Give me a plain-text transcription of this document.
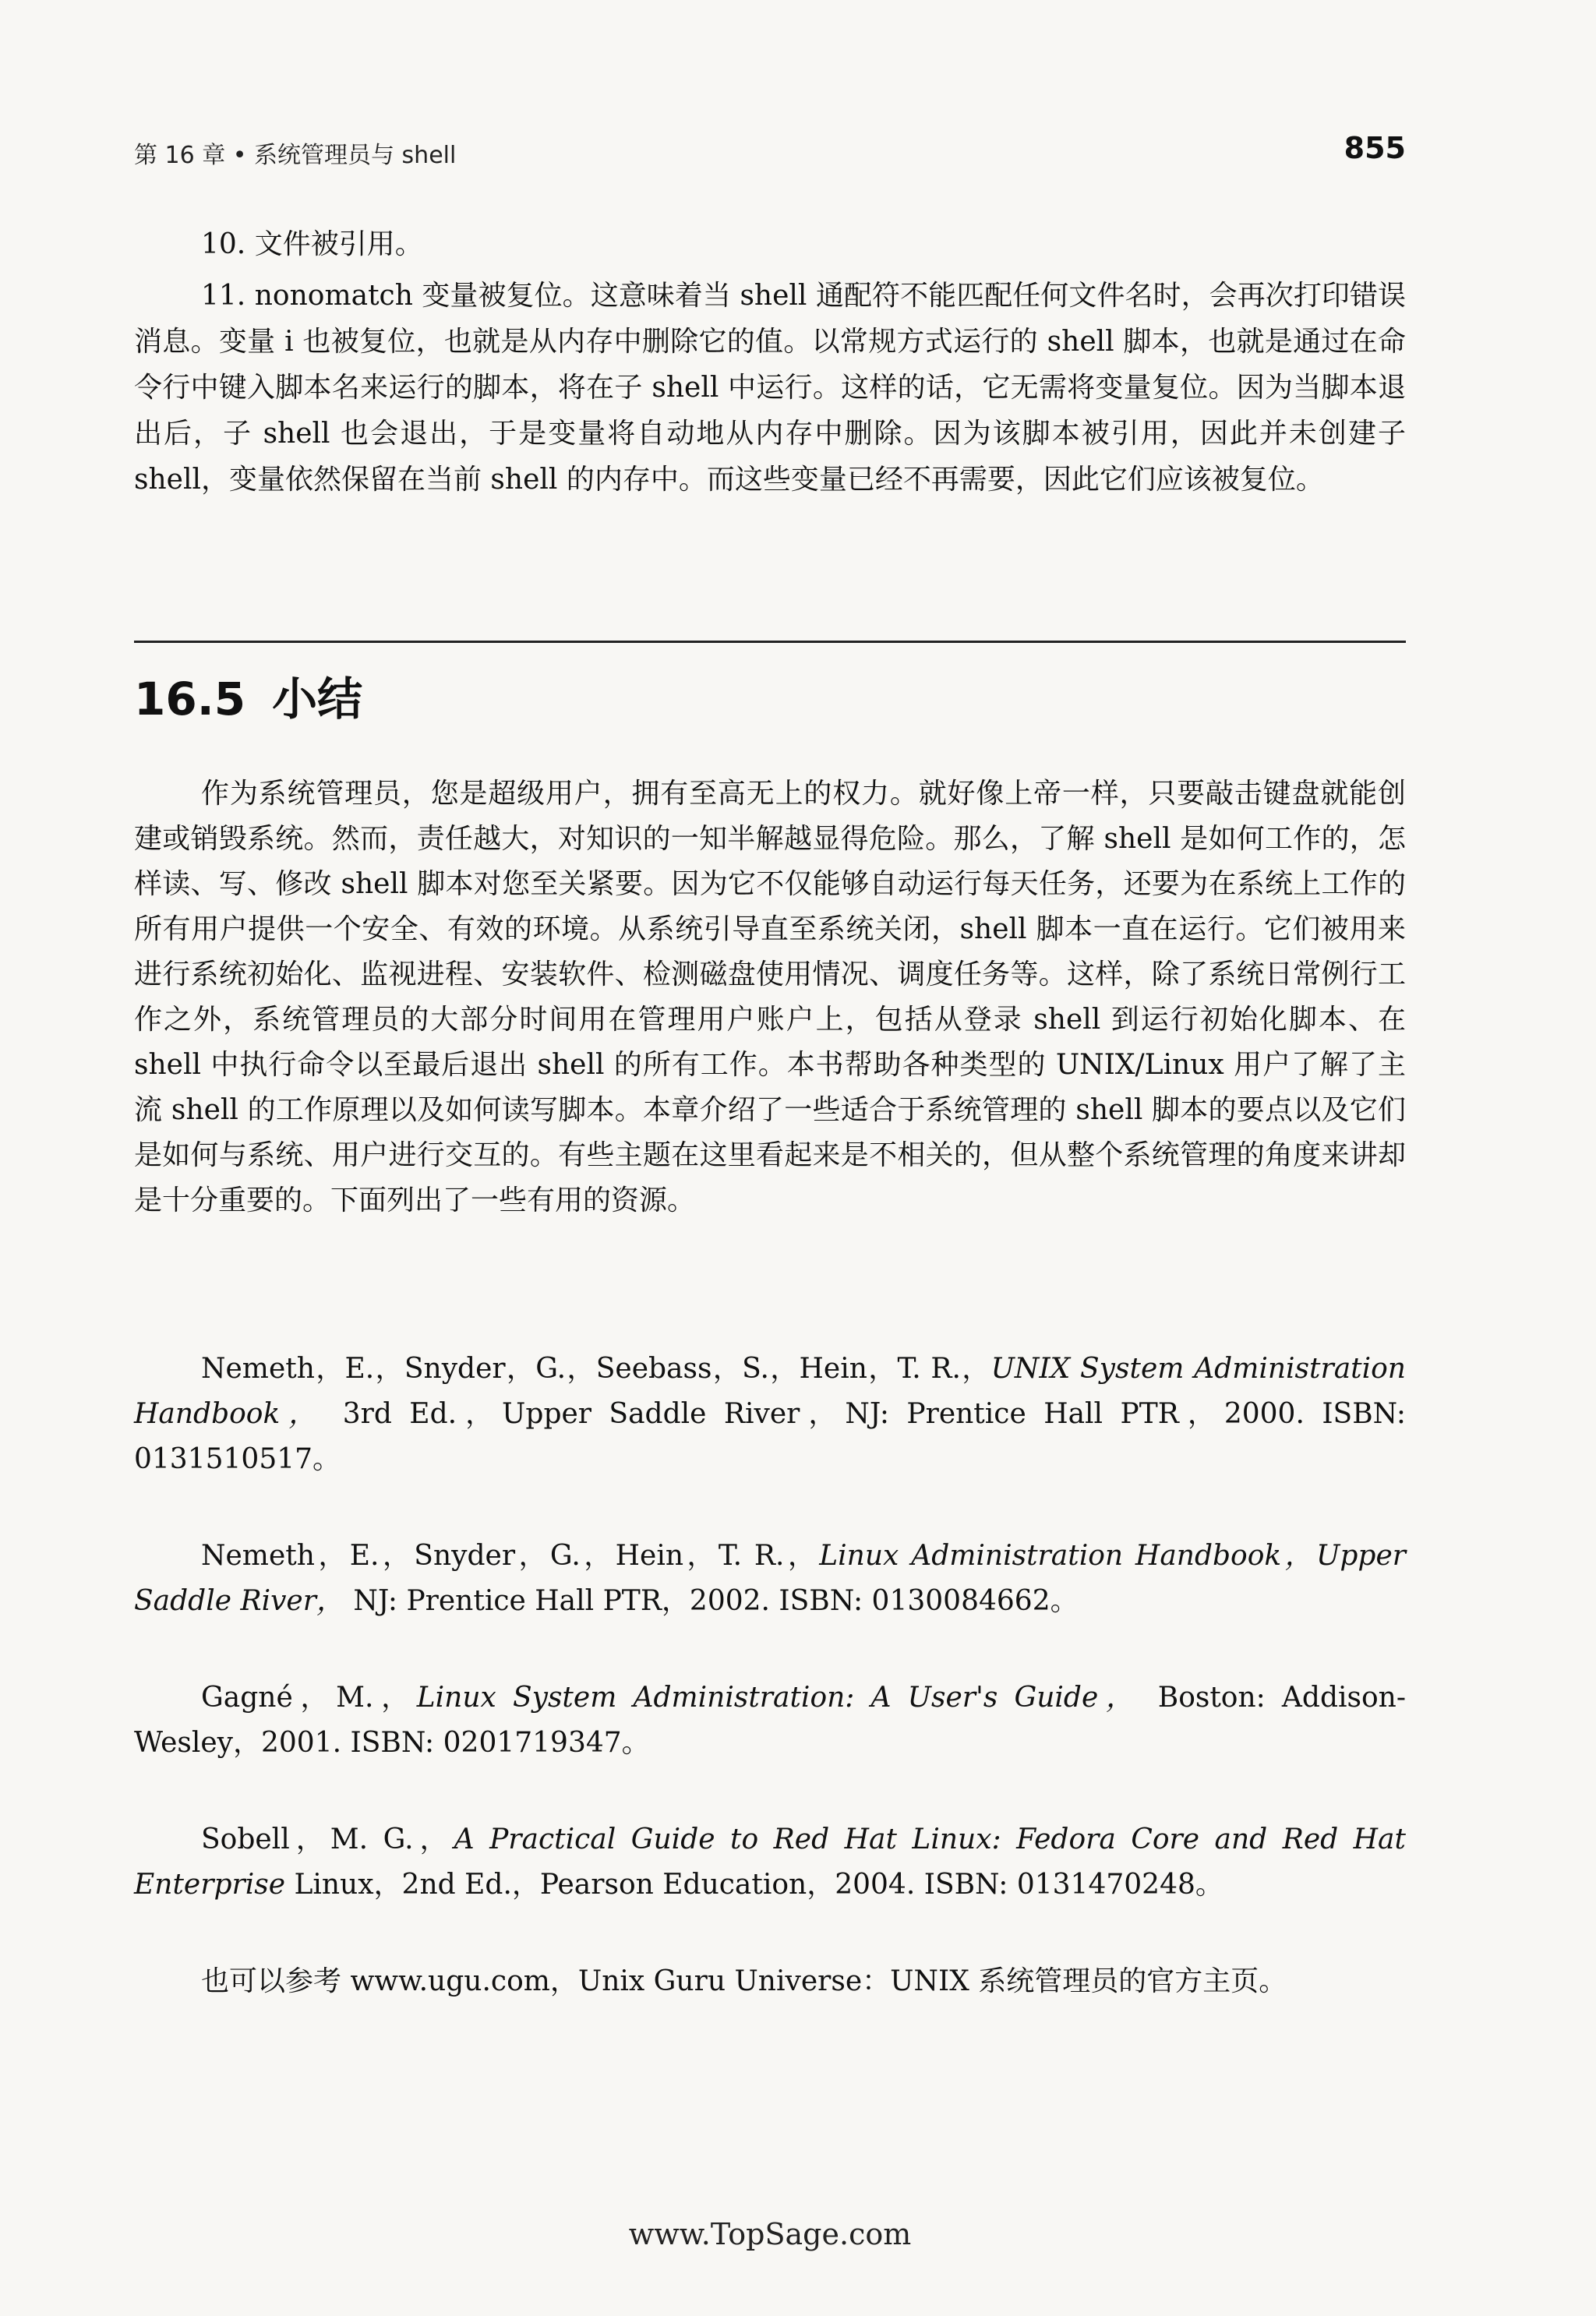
第 16 章 • 系统管理员与 shell	855
10. 文件被引用。
11. nonomatch 变量被复位。这意味着当 shell 通配符不能匹配任何文件名时，会再次打印错误消息。变量 i 也被复位，也就是从内存中删除它的值。以常规方式运行的 shell 脚本，也就是通过在命令行中键入脚本名来运行的脚本，将在子 shell 中运行。这样的话，它无需将变量复位。因为当脚本退出后，子 shell 也会退出，于是变量将自动地从内存中删除。因为该脚本被引用，因此并未创建子 shell，变量依然保留在当前 shell 的内存中。而这些变量已经不再需要，因此它们应该被复位。
16.5 小结
作为系统管理员，您是超级用户，拥有至高无上的权力。就好像上帝一样，只要敲击键盘就能创建或销毁系统。然而，责任越大，对知识的一知半解越显得危险。那么，了解 shell 是如何工作的，怎样读、写、修改 shell 脚本对您至关紧要。因为它不仅能够自动运行每天任务，还要为在系统上工作的所有用户提供一个安全、有效的环境。从系统引导直至系统关闭，shell 脚本一直在运行。它们被用来进行系统初始化、监视进程、安装软件、检测磁盘使用情况、调度任务等。这样，除了系统日常例行工作之外，系统管理员的大部分时间用在管理用户账户上，包括从登录 shell 到运行初始化脚本、在 shell 中执行命令以至最后退出 shell 的所有工作。本书帮助各种类型的 UNIX/Linux 用户了解了主流 shell 的工作原理以及如何读写脚本。本章介绍了一些适合于系统管理的 shell 脚本的要点以及它们是如何与系统、用户进行交互的。有些主题在这里看起来是不相关的，但从整个系统管理的角度来讲却是十分重要的。下面列出了一些有用的资源。

Nemeth，E.，Snyder，G.，Seebass，S.，Hein，T. R.，UNIX System Administration Handbook， 3rd Ed.，Upper Saddle River，NJ: Prentice Hall PTR，2000. ISBN: 0131510517。

Nemeth，E.，Snyder，G.，Hein，T. R.，Linux Administration Handbook，Upper Saddle River， NJ: Prentice Hall PTR，2002. ISBN: 0130084662。

Gagné，M.，Linux System Administration: A User's Guide， Boston: Addison-Wesley，2001. ISBN: 0201719347。

Sobell，M. G.，A Practical Guide to Red Hat Linux: Fedora Core and Red Hat Enterprise Linux，2nd Ed.，Pearson Education，2004. ISBN: 0131470248。

也可以参考 www.ugu.com，Unix Guru Universe：UNIX 系统管理员的官方主页。

www.TopSage.com
